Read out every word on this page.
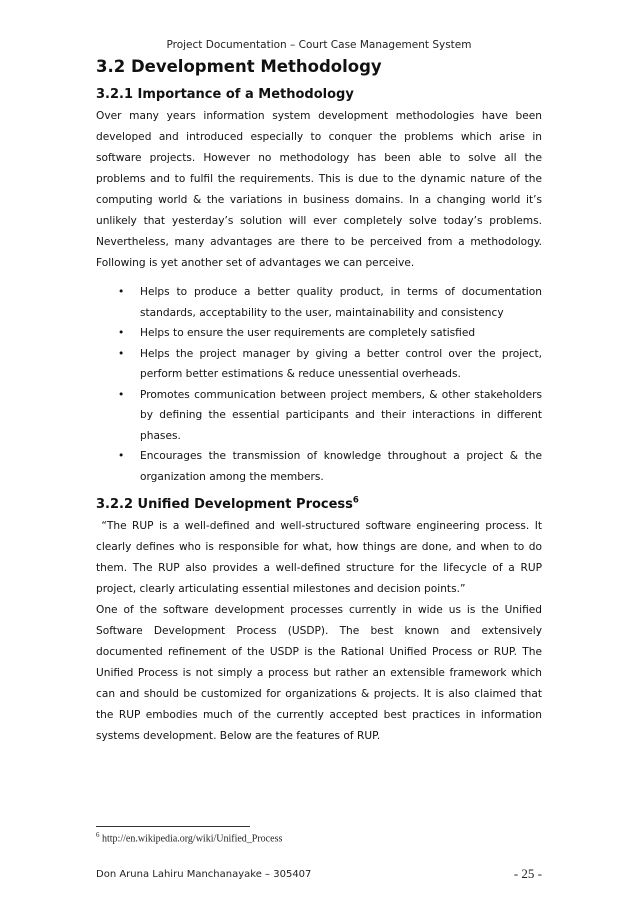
Project Documentation – Court Case Management System
3.2 Development Methodology
3.2.1 Importance of a Methodology
Over many years information system development methodologies have been
developed and introduced especially to conquer the problems which arise in
software projects. However no methodology has been able to solve all the
problems and to fulfil the requirements. This is due to the dynamic nature of the
computing world & the variations in business domains. In a changing world it’s
unlikely that yesterday’s solution will ever completely solve today’s problems.
Nevertheless, many advantages are there to be perceived from a methodology.
Following is yet another set of advantages we can perceive.
• Helps to produce a better quality product, in terms of documentation
standards, acceptability to the user, maintainability and consistency
• Helps to ensure the user requirements are completely satisfied
• Helps the project manager by giving a better control over the project,
perform better estimations & reduce unessential overheads.
• Promotes communication between project members, & other stakeholders
by defining the essential participants and their interactions in different
phases.
• Encourages the transmission of knowledge throughout a project & the
organization among the members.
3.2.2 Unified Development Process$^6$
“The RUP is a well-defined and well-structured software engineering process. It
clearly defines who is responsible for what, how things are done, and when to do
them. The RUP also provides a well-defined structure for the lifecycle of a RUP
project, clearly articulating essential milestones and decision points.”
One of the software development processes currently in wide us is the Unified
Software Development Process (USDP). The best known and extensively
documented refinement of the USDP is the Rational Unified Process or RUP. The
Unified Process is not simply a process but rather an extensible framework which
can and should be customized for organizations & projects. It is also claimed that
the RUP embodies much of the currently accepted best practices in information
systems development. Below are the features of RUP.
$^6$ http://en.wikipedia.org/wiki/Unified_Process
Don Aruna Lahiru Manchanayake – 305407	- 25 -
